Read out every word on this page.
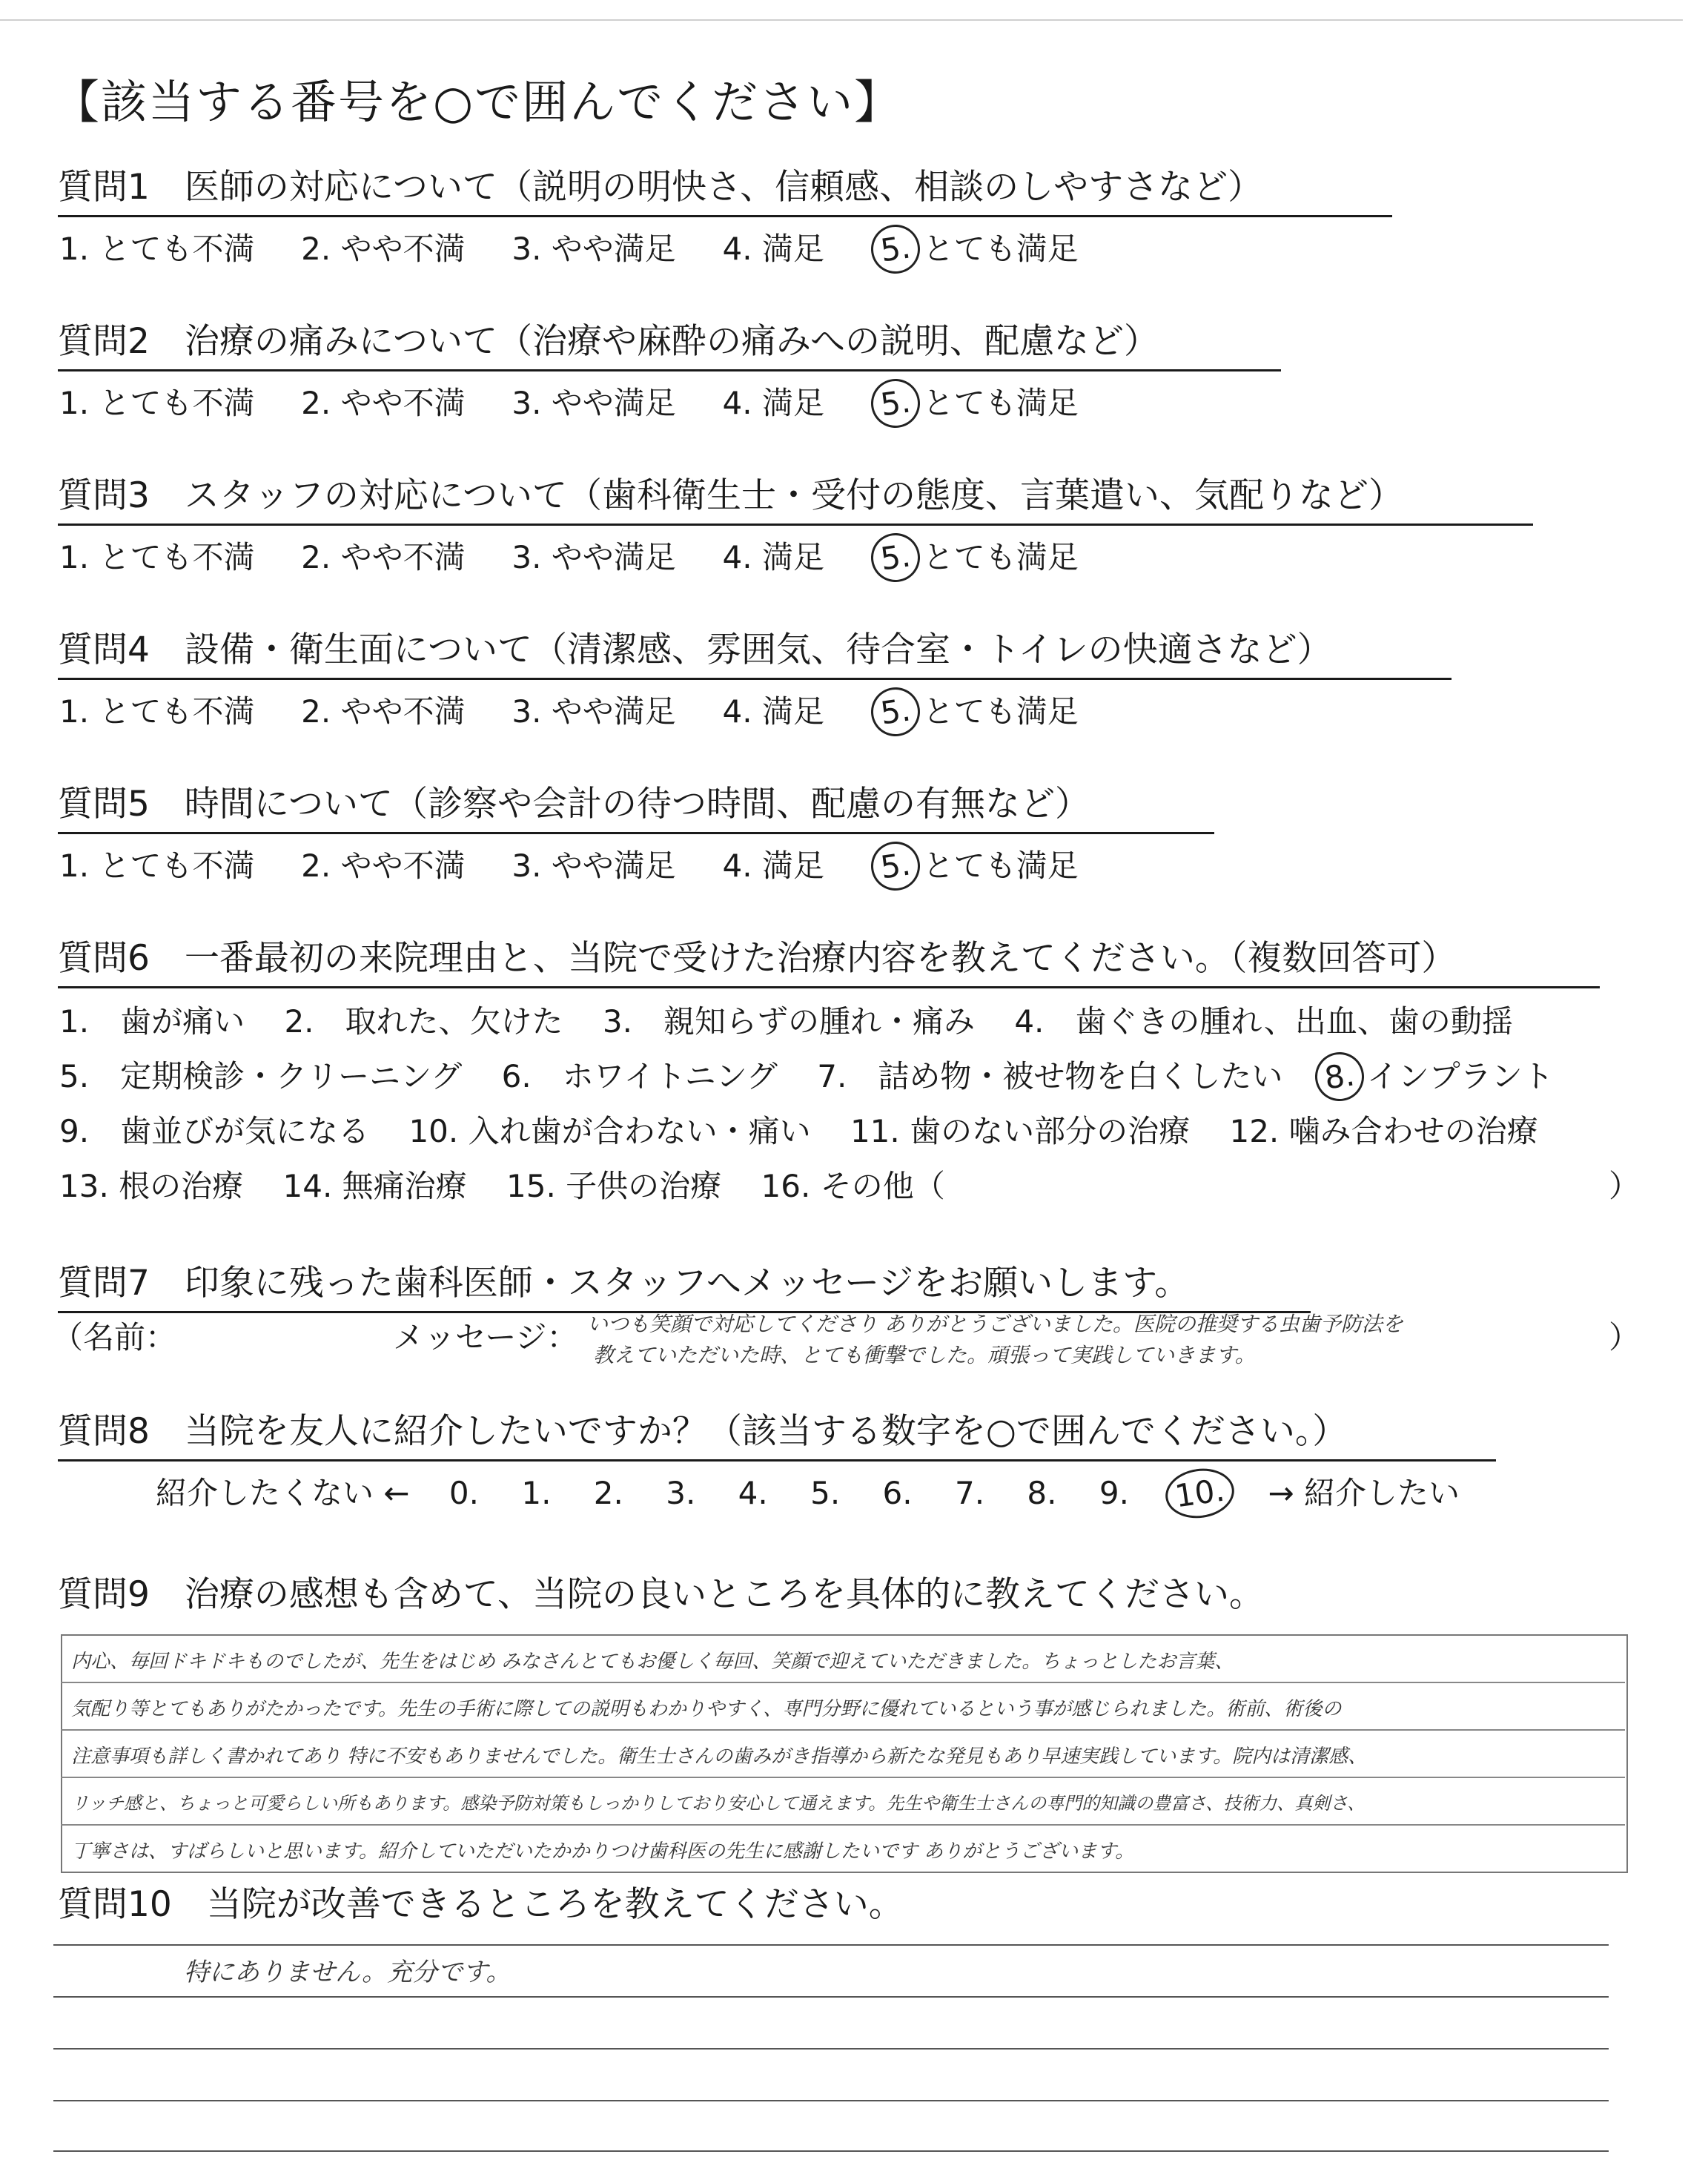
【該当する番号を○で囲んでください】
質問1　医師の対応について（説明の明快さ、信頼感、相談のしやすさなど）
1. とても不満 2. やや不満 3. やや満足 4. 満足 5. とても満足
質問2　治療の痛みについて（治療や麻酔の痛みへの説明、配慮など）
1. とても不満 2. やや不満 3. やや満足 4. 満足 5. とても満足
質問3　スタッフの対応について（歯科衛生士・受付の態度、言葉遣い、気配りなど）
1. とても不満 2. やや不満 3. やや満足 4. 満足 5. とても満足
質問4　設備・衛生面について（清潔感、雰囲気、待合室・トイレの快適さなど）
1. とても不満 2. やや不満 3. やや満足 4. 満足 5. とても満足
質問5　時間について（診察や会計の待つ時間、配慮の有無など）
1. とても不満 2. やや不満 3. やや満足 4. 満足 5. とても満足
質問6　一番最初の来院理由と、当院で受けた治療内容を教えてください。（複数回答可）
1.　歯が痛い 2.　取れた、欠けた 3.　親知らずの腫れ・痛み 4.　歯ぐきの腫れ、出血、歯の動揺
5.　定期検診・クリーニング 6.　ホワイトニング 7.　詰め物・被せ物を白くしたい 8. インプラント
9.　歯並びが気になる 10. 入れ歯が合わない・痛い 11. 歯のない部分の治療 12. 噛み合わせの治療
13. 根の治療 14. 無痛治療 15. 子供の治療 16. その他（	）
質問7　印象に残った歯科医師・スタッフへメッセージをお願いします。
（名前：	メッセージ： いつも笑顔で対応してくださり ありがとうございました。医院の推奨する虫歯予防法を
教えていただいた時、とても衝撃でした。頑張って実践していきます。	）
質問8　当院を友人に紹介したいですか？（該当する数字を○で囲んでください。）
紹介したくない ← 0. 1. 2. 3. 4. 5. 6. 7. 8. 9. 10. → 紹介したい
質問9　治療の感想も含めて、当院の良いところを具体的に教えてください。
内心、毎回ドキドキものでしたが、先生をはじめ みなさんとてもお優しく毎回、笑顔で迎えていただきました。ちょっとしたお言葉、
気配り等とてもありがたかったです。先生の手術に際しての説明もわかりやすく、専門分野に優れているという事が感じられました。術前、術後の
注意事項も詳しく書かれてあり 特に不安もありませんでした。衛生士さんの歯みがき指導から新たな発見もあり早速実践しています。院内は清潔感、
リッチ感と、ちょっと可愛らしい所もあります。感染予防対策もしっかりしており安心して通えます。先生や衛生士さんの専門的知識の豊富さ、技術力、真剣さ、
丁寧さは、すばらしいと思います。紹介していただいたかかりつけ歯科医の先生に感謝したいです ありがとうございます。
質問10　当院が改善できるところを教えてください。
特にありません。充分です。
